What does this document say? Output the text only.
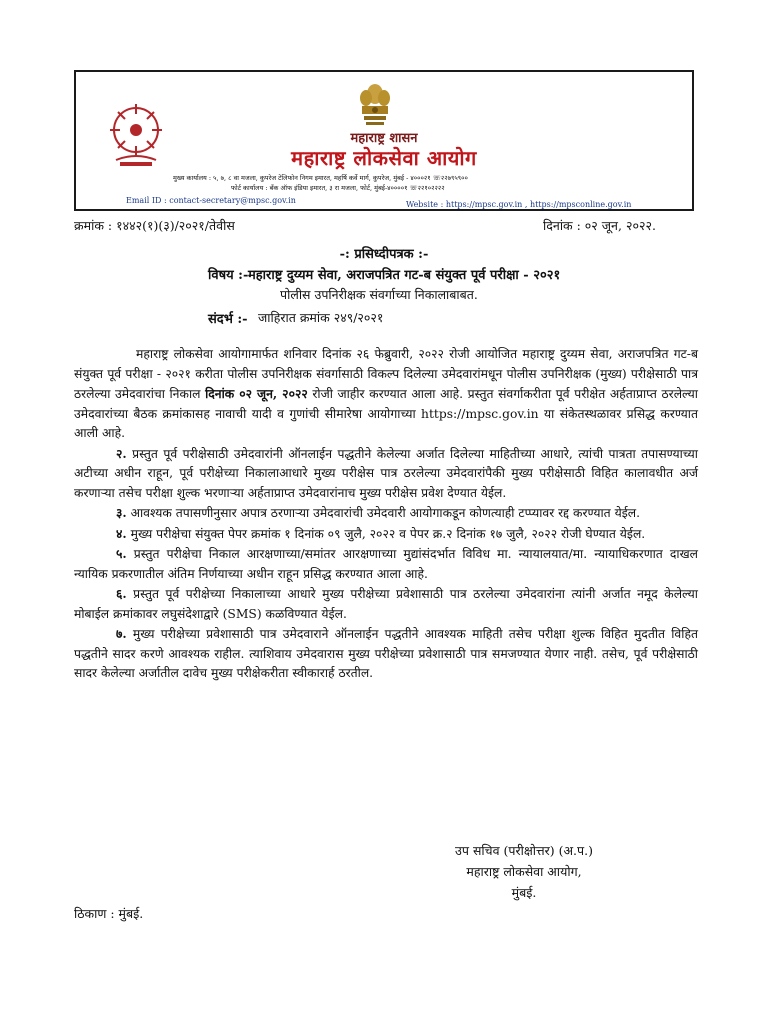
महाराष्ट्र शासन
महाराष्ट्र लोकसेवा आयोग
मुख्य कार्यालय : ५, ७, ८ वा मजला, कुपरेज टेलिफोन निगम इमारत, महर्षि कर्वे मार्ग, कुपरेज, मुंबई - ४०००२१ ☏२२७९५९००
फोर्ट कार्यालय : बँक ऑफ इंडिया इमारत, ३ रा मजला, फोर्ट, मुंबई-४००००१ ☏२२१०२२२२
Email ID : contact-secretary@mpsc.gov.in	Website : https://mpsc.gov.in , https://mpsconline.gov.in
क्रमांक : १४४२(१)(३)/२०२१/तेवीस	दिनांक : ०२ जून, २०२२.
-: प्रसिध्दीपत्रक :-
विषय :- महाराष्ट्र दुय्यम सेवा, अराजपत्रित गट-ब संयुक्त पूर्व परीक्षा - २०२१
पोलीस उपनिरीक्षक संवर्गाच्या निकालाबाबत.
संदर्भ :- जाहिरात क्रमांक २४९/२०२१

महाराष्ट्र लोकसेवा आयोगामार्फत शनिवार दिनांक २६ फेब्रुवारी, २०२२ रोजी आयोजित महाराष्ट्र दुय्यम सेवा, अराजपत्रित गट-ब संयुक्त पूर्व परीक्षा - २०२१ करीता पोलीस उपनिरीक्षक संवर्गासाठी विकल्प दिलेल्या उमेदवारांमधून पोलीस उपनिरीक्षक (मुख्य) परीक्षेसाठी पात्र ठरलेल्या उमेदवारांचा निकाल दिनांक ०२ जून, २०२२ रोजी जाहीर करण्यात आला आहे. प्रस्तुत संवर्गाकरीता पूर्व परीक्षेत अर्हताप्राप्त ठरलेल्या उमेदवारांच्या बैठक क्रमांकासह नावाची यादी व गुणांची सीमारेषा आयोगाच्या https://mpsc.gov.in या संकेतस्थळावर प्रसिद्ध करण्यात आली आहे.

२. प्रस्तुत पूर्व परीक्षेसाठी उमेदवारांनी ऑनलाईन पद्धतीने केलेल्या अर्जात दिलेल्या माहितीच्या आधारे, त्यांची पात्रता तपासण्याच्या अटीच्या अधीन राहून, पूर्व परीक्षेच्या निकालाआधारे मुख्य परीक्षेस पात्र ठरलेल्या उमेदवारांपैकी मुख्य परीक्षेसाठी विहित कालावधीत अर्ज करणाऱ्या तसेच परीक्षा शुल्क भरणाऱ्या अर्हताप्राप्त उमेदवारांनाच मुख्य परीक्षेस प्रवेश देण्यात येईल.

३. आवश्यक तपासणीनुसार अपात्र ठरणाऱ्या उमेदवारांची उमेदवारी आयोगाकडून कोणत्याही टप्प्यावर रद्द करण्यात येईल.

४. मुख्य परीक्षेचा संयुक्त पेपर क्रमांक १ दिनांक ०९ जुलै, २०२२ व पेपर क्र.२ दिनांक १७ जुलै, २०२२ रोजी घेण्यात येईल.

५. प्रस्तुत परीक्षेचा निकाल आरक्षणाच्या/समांतर आरक्षणाच्या मुद्यांसंदर्भात विविध मा. न्यायालयात/मा. न्यायाधिकरणात दाखल न्यायिक प्रकरणातील अंतिम निर्णयाच्या अधीन राहून प्रसिद्ध करण्यात आला आहे.

६. प्रस्तुत पूर्व परीक्षेच्या निकालाच्या आधारे मुख्य परीक्षेच्या प्रवेशासाठी पात्र ठरलेल्या उमेदवारांना त्यांनी अर्जात नमूद केलेल्या मोबाईल क्रमांकावर लघुसंदेशाद्वारे (SMS) कळविण्यात येईल.

७. मुख्य परीक्षेच्या प्रवेशासाठी पात्र उमेदवाराने ऑनलाईन पद्धतीने आवश्यक माहिती तसेच परीक्षा शुल्क विहित मुदतीत विहित पद्धतीने सादर करणे आवश्यक राहील. त्याशिवाय उमेदवारास मुख्य परीक्षेच्या प्रवेशासाठी पात्र समजण्यात येणार नाही. तसेच, पूर्व परीक्षेसाठी सादर केलेल्या अर्जातील दावेच मुख्य परीक्षेकरीता स्वीकारार्ह ठरतील.

उप सचिव (परीक्षोत्तर) (अ.प.)
महाराष्ट्र लोकसेवा आयोग,
मुंबई.
ठिकाण : मुंबई.
